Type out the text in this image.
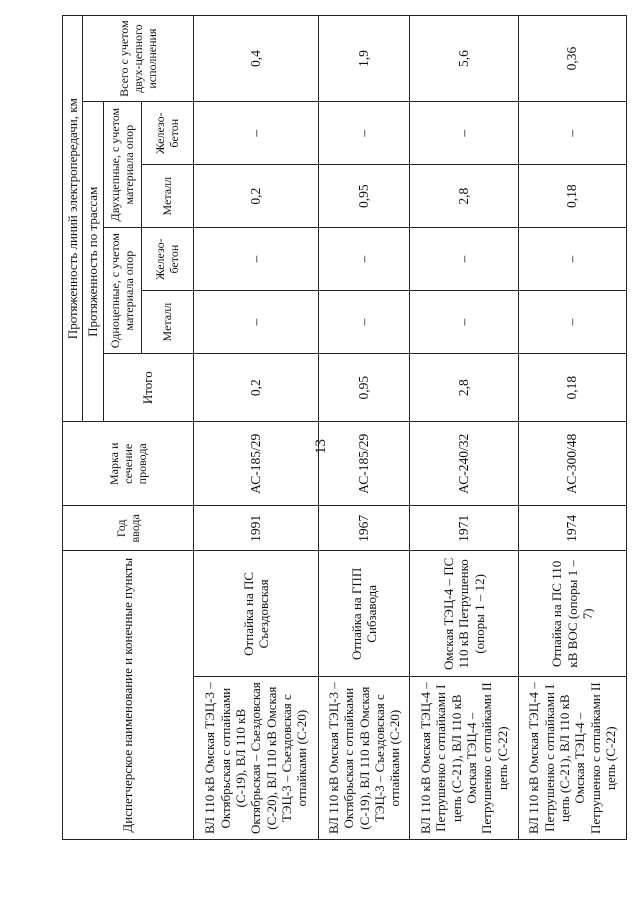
13
Диспетчерское наименование и конечные пункты		Год ввода	Марка и сечение провода	Протяженность линий электропередачи, км					
				Протяженность по трассам					Всего с учетом двух-цепного исполнения
				Итого	Одноцепные, с учетом материала опор		Двухцепные, с учетом материала опор		
					Металл	Железо-бетон	Металл	Железо-бетон	
ВЛ 110 кВ Омская ТЭЦ-3 – Октябрьская с отпайками (С-19), ВЛ 110 кВ Октябрьская – Съездовская (С-20), ВЛ 110 кВ Омская ТЭЦ-3 – Съездовская с отпайками (С-20)	Отпайка на ПС Съездовская	1991	АС-185/29	0,2	–	–	0,2	–	0,4
ВЛ 110 кВ Омская ТЭЦ-3 – Октябрьская с отпайками (С-19), ВЛ 110 кВ Омская ТЭЦ-3 – Съездовская с отпайками (С-20)	Отпайка на ГПП Сибзавода	1967	АС-185/29	0,95	–	–	0,95	–	1,9
ВЛ 110 кВ Омская ТЭЦ-4 – Петрушенко с отпайками I цепь (С-21), ВЛ 110 кВ Омская ТЭЦ-4 – Петрушенко с отпайками II цепь (С-22)	Омская ТЭЦ-4 – ПС 110 кВ Петрушенко (опоры 1 – 12)	1971	АС-240/32	2,8	–	–	2,8	–	5,6
ВЛ 110 кВ Омская ТЭЦ-4 – Петрушенко с отпайками I цепь (С-21), ВЛ 110 кВ Омская ТЭЦ-4 – Петрушенко с отпайками II цепь (С-22)	Отпайка на ПС 110 кВ ВОС (опоры 1 – 7)	1974	АС-300/48	0,18	–	–	0,18	–	0,36
